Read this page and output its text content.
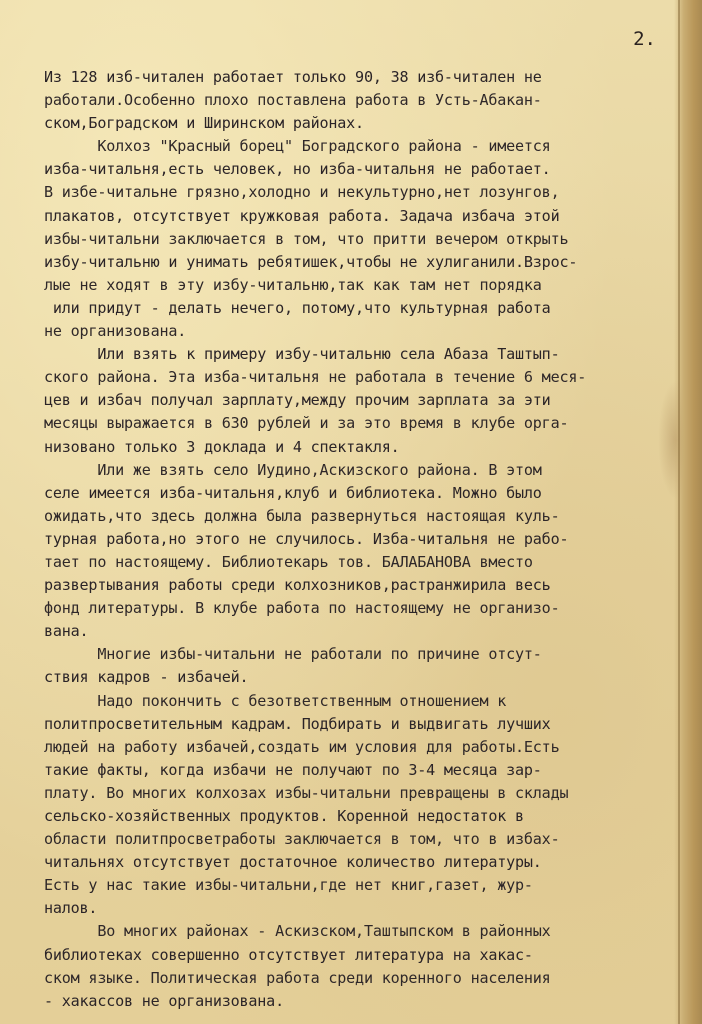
2.
Из 128 изб-читален работает только 90, 38 изб-читален не
работали.Особенно плохо поставлена работа в Усть-Абакан-
ском,Боградском и Ширинском районах.
Колхоз "Красный борец" Боградского района - имеется
изба-читальня,есть человек, но изба-читальня не работает.
В избе-читальне грязно,холодно и некультурно,нет лозунгов,
плакатов, отсутствует кружковая работа. Задача избача этой
избы-читальни заключается в том, что притти вечером открыть
избу-читальню и унимать ребятишек,чтобы не хулиганили.Взрос-
лые не ходят в эту избу-читальню,так как там нет порядка
или придут - делать нечего, потому,что культурная работа
не организована.
Или взять к примеру избу-читальню села Абаза Таштып-
ского района. Эта изба-читальня не работала в течение 6 меся-
цев и избач получал зарплату,между прочим зарплата за эти
месяцы выражается в 630 рублей и за это время в клубе орга-
низовано только 3 доклада и 4 спектакля.
Или же взять село Иудино,Аскизского района. В этом
селе имеется изба-читальня,клуб и библиотека. Можно было
ожидать,что здесь должна была развернуться настоящая куль-
турная работа,но этого не случилось. Изба-читальня не рабо-
тает по настоящему. Библиотекарь тов. БАЛАБАНОВА вместо
развертывания работы среди колхозников,растранжирила весь
фонд литературы. В клубе работа по настоящему не организо-
вана.
Многие избы-читальни не работали по причине отсут-
ствия кадров - избачей.
Надо покончить с безответственным отношением к
политпросветительным кадрам. Подбирать и выдвигать лучших
людей на работу избачей,создать им условия для работы.Есть
такие факты, когда избачи не получают по 3-4 месяца зар-
плату. Во многих колхозах избы-читальни превращены в склады
сельско-хозяйственных продуктов. Коренной недостаток в
области политпросветработы заключается в том, что в избах-
читальнях отсутствует достаточное количество литературы.
Есть у нас такие избы-читальни,где нет книг,газет, жур-
налов.
Во многих районах - Аскизском,Таштыпском в районных
библиотеках совершенно отсутствует литература на хакас-
ском языке. Политическая работа среди коренного населения
- хакассов не организована.
